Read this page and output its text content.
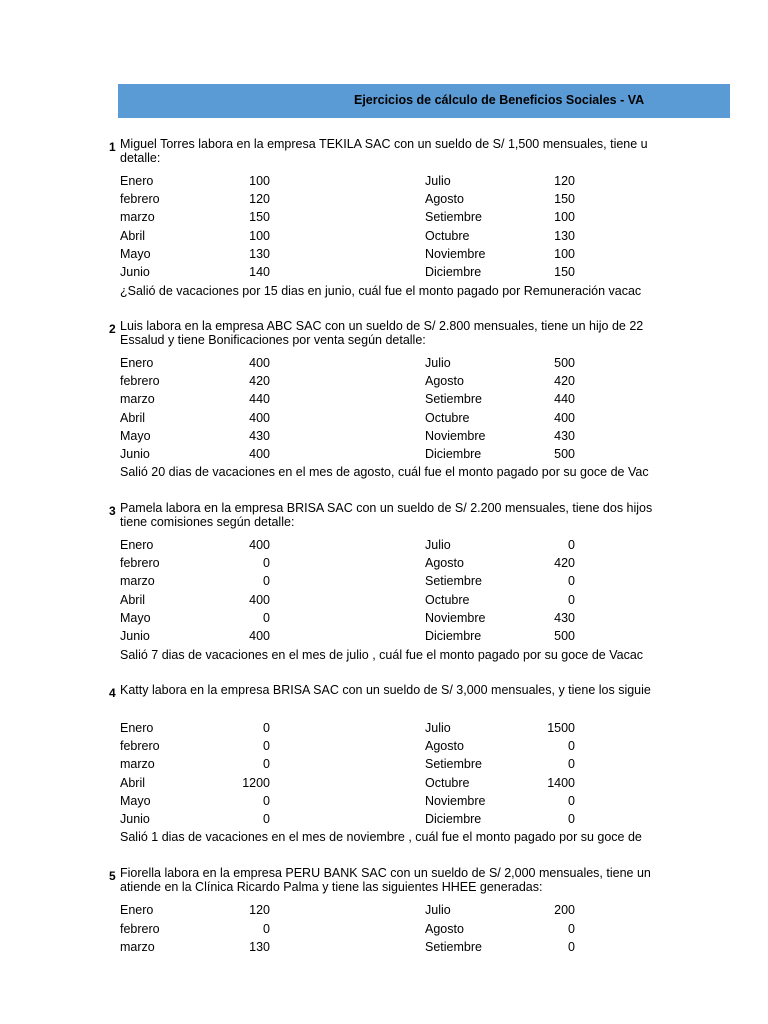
Ejercicios de cálculo de Beneficios Sociales - VA
1 Miguel Torres labora en la empresa TEKILA SAC con un sueldo de S/ 1,500 mensuales, tiene u
detalle:
Enero	100	Julio	120
febrero	120	Agosto	150
marzo	150	Setiembre	100
Abril	100	Octubre	130
Mayo	130	Noviembre	100
Junio	140	Diciembre	150
¿Salió de vacaciones por 15 dias en junio, cuál fue el monto pagado por Remuneración vacac
2 Luis labora en la empresa ABC SAC con un sueldo de S/ 2.800 mensuales, tiene un hijo de 22
Essalud y tiene Bonificaciones por venta según detalle:
Enero	400	Julio	500
febrero	420	Agosto	420
marzo	440	Setiembre	440
Abril	400	Octubre	400
Mayo	430	Noviembre	430
Junio	400	Diciembre	500
Salió 20 dias de vacaciones en el mes de agosto, cuál fue el monto pagado por su goce de Vac
3 Pamela labora en la empresa BRISA SAC con un sueldo de S/ 2.200 mensuales, tiene dos hijos
tiene comisiones según detalle:
Enero	400	Julio	0
febrero	0	Agosto	420
marzo	0	Setiembre	0
Abril	400	Octubre	0
Mayo	0	Noviembre	430
Junio	400	Diciembre	500
Salió 7 dias de vacaciones en el mes de julio , cuál fue el monto pagado por su goce de Vacac
4 Katty labora en la empresa BRISA SAC con un sueldo de S/ 3,000 mensuales, y tiene los siguie
Enero	0	Julio	1500
febrero	0	Agosto	0
marzo	0	Setiembre	0
Abril	1200	Octubre	1400
Mayo	0	Noviembre	0
Junio	0	Diciembre	0
Salió 1 dias de vacaciones en el mes de noviembre , cuál fue el monto pagado por su goce de
5 Fiorella labora en la empresa PERU BANK SAC con un sueldo de S/ 2,000 mensuales, tiene un
atiende en la Clínica Ricardo Palma y tiene las siguientes HHEE generadas:
Enero	120	Julio	200
febrero	0	Agosto	0
marzo	130	Setiembre	0
